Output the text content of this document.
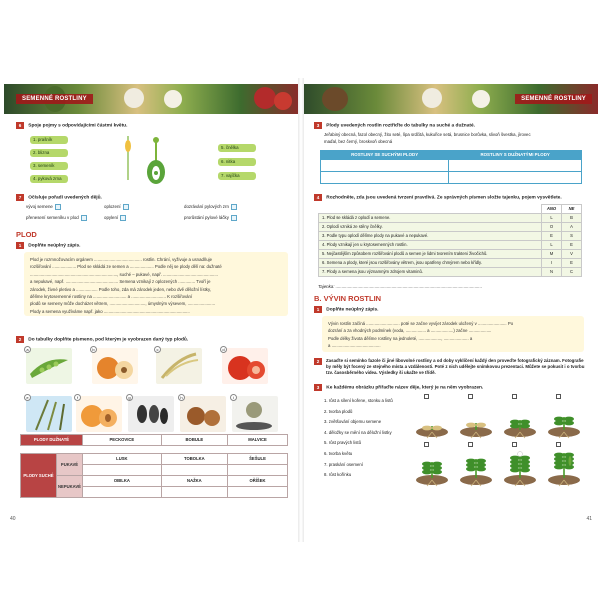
SEMENNÉ ROSTLINY
6 Spoje pojmy s odpovídajícími částmi květu.
1. prašník
2. blizna
3. semeník
4. pyková zrna
5. čnělka
6. nitka
7. vajíčka
7 Očísluje pořadí uvedených dějů.
vývoj semene	oplození	dozrávání pylových zrn
přenesení semeníku v plod	opylení	prorůstání pylové láčky
PLOD
1 Doplňte neúplný zápis.
Plod je rozmnožovacím orgánem ........................................ rostlin. Chrání, vyživuje a usnadňuje
rozšiřování .................... Plod se skládá ze semen a .................... Podle něj se plody dělí na: dužnaté
........................................................................., suché – pukavé, např. ..............................................
a nepukavé, např. ............................................ Semena vznikají z oplozených .............. Tvoří je
zárodek, živné pletivo a .................. Podle toho, zda má zárodek jeden, nebo dvě děložní lístky,
dělíme krytosemenné rostliny na ............................ a ............................. K rozšiřování
plodů se semeny může docházet větrem, .............................., úmyslným výsevem, .......................
Plody a semena využíváme např. jako ........................................................................
2 Do tabulky doplňte písmeno, pod kterým je vyobrazen daný typ plodů.
a	b	c	d
e	f	g	h	i
PLODY DUŽNATÉ		PECKOVICE	BOBULE	MALVICE

PLODY SUCHÉ	PUKAVÉ	LUSK	TOBOLKA	ŠEŠULE

	NEPUKAVÉ	OBILKA	NAŽKA	OŘÍŠEK

40
SEMENNÉ ROSTLINY
3 Plody uvedených rostlin roztřiďte do tabulky na suché a dužnaté.
Jeřabiný obecná, fazol obecný, žito seté, lípa srdčitá, kukuřice setá, brusnice borůvka, slivoň švestka, jírovec
maďal, bez černý, broskvoň obecná
ROSTLINY SE SUCHÝMI PLODY	ROSTLINY S DUŽNATÝMI PLODY

4 Rozhodněte, zda jsou uvedená tvrzení pravdivá. Ze správných písmen složte tajenku, pojem vysvětlete.
	ANO	NE
1. Plod se skládá z oplodí a semene.	L	B
2. Oplodí vzniká ze stěny čnělky.	O	A
3. Podle typu oplodí dělíme plody na pukavé a nepukavé.	E	S
4. Plody vznikají jen u krytosemenných rostlin.	L	E
5. Nejčastějším způsobem rozšiřování plodů a semen je lidmi tvorením trakteni živočichů.	M	V
6. Semena a plody, které jsou rozšiřovány větrem, jsou opatřeny chmýrem nebo křídly.	I	E
7. Plody a semena jsou významným zdrojem vitaminů.	N	C
Tajenka: ........................................................................................................................
B. VÝVIN ROSTLIN
1 Doplňte neúplný zápis.
Vývin rostlin začíná ............................ poté se začne vyvíjet zárodek uložený v ........................ Po
dozrání a za vhodných podmínek (voda, ................. a ...................) začne ...................
Podle délky života dělíme rostliny na jednoleté, ..................., ..................... a
a .........................................
2	Zasaďte si semínko fazole či jiné libovolné rostliny a od doby vyklíčení každý den proveďte fotografický záznam. Fotografie by měly být focený ze stejného místa a vzdálenosti. Poté z nich udělejte snímkovou prezentaci. Můžete se pokusit i o tvorbu tzv. časosběrného videa. Výsledky ši ukažte ve třídě.
3 Ke každému obrázku přiřaďte název děje, který je na něm vyobrazen.
1. růst a sílení kořene, stonku a listů
2. tvorba plodů
3. zvětšování objemu semene
4. děložky se mění na děložní listky
5. růst pravých listů
6. tvorba květu
7. praskání osemení
8. růst kořínku
41
